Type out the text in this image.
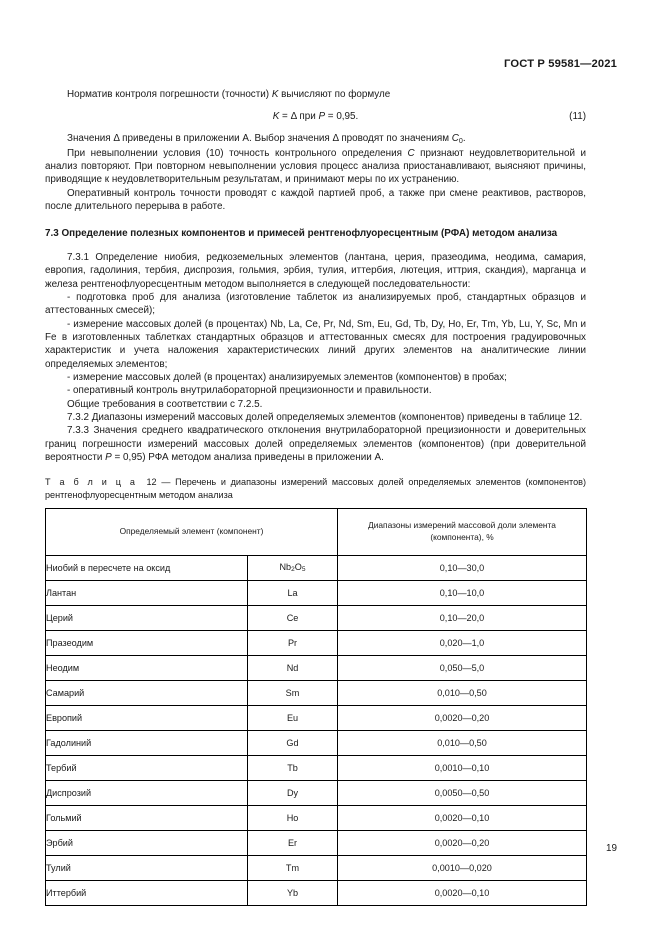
ГОСТ Р 59581—2021

Норматив контроля погрешности (точности) K вычисляют по формуле

K = Δ при P = 0,95.	(11)

Значения Δ приведены в приложении А. Выбор значения Δ проводят по значениям $C_0$.

При невыполнении условия (10) точность контрольного определения C признают неудовлетворительной и анализ повторяют. При повторном невыполнении условия процесс анализа приостанавливают, выясняют причины, приводящие к неудовлетворительным результатам, и принимают меры по их устранению.

Оперативный контроль точности проводят с каждой партией проб, а также при смене реактивов, растворов, после длительного перерыва в работе.

7.3 Определение полезных компонентов и примесей рентгенофлуоресцентным (РФА) методом анализа

7.3.1 Определение ниобия, редкоземельных элементов (лантана, церия, празеодима, неодима, самария, европия, гадолиния, тербия, диспрозия, гольмия, эрбия, тулия, иттербия, лютеция, иттрия, скандия), марганца и железа рентгенофлуоресцентным методом выполняется в следующей последовательности:

- подготовка проб для анализа (изготовление таблеток из анализируемых проб, стандартных образцов и аттестованных смесей);

- измерение массовых долей (в процентах) Nb, La, Ce, Pr, Nd, Sm, Eu, Gd, Tb, Dy, Ho, Er, Tm, Yb, Lu, Y, Sc, Mn и Fe в изготовленных таблетках стандартных образцов и аттестованных смесях для построения градуировочных характеристик и учета наложения характеристических линий других элементов на аналитические линии определяемых элементов;

- измерение массовых долей (в процентах) анализируемых элементов (компонентов) в пробах;

- оперативный контроль внутрилабораторной прецизионности и правильности.

Общие требования в соответствии с 7.2.5.

7.3.2 Диапазоны измерений массовых долей определяемых элементов (компонентов) приведены в таблице 12.

7.3.3 Значения среднего квадратического отклонения внутрилабораторной прецизионности и доверительных границ погрешности измерений массовых долей определяемых элементов (компонентов) (при доверительной вероятности P = 0,95) РФА методом анализа приведены в приложении А.

Т а б л и ц а 12 — Перечень и диапазоны измерений массовых долей определяемых элементов (компонентов) рентгенофлуоресцентным методом анализа

Определяемый элемент (компонент)		Диапазоны измерений массовой доли элемента (компонента), %
Ниобий в пересчете на оксид	$Nb_2O_5$	0,10—30,0
Лантан	La	0,10—10,0
Церий	Ce	0,10—20,0
Празеодим	Pr	0,020—1,0
Неодим	Nd	0,050—5,0
Самарий	Sm	0,010—0,50
Европий	Eu	0,0020—0,20
Гадолиний	Gd	0,010—0,50
Тербий	Tb	0,0010—0,10
Диспрозий	Dy	0,0050—0,50
Гольмий	Ho	0,0020—0,10
Эрбий	Er	0,0020—0,20
Тулий	Tm	0,0010—0,020
Иттербий	Yb	0,0020—0,10
19
